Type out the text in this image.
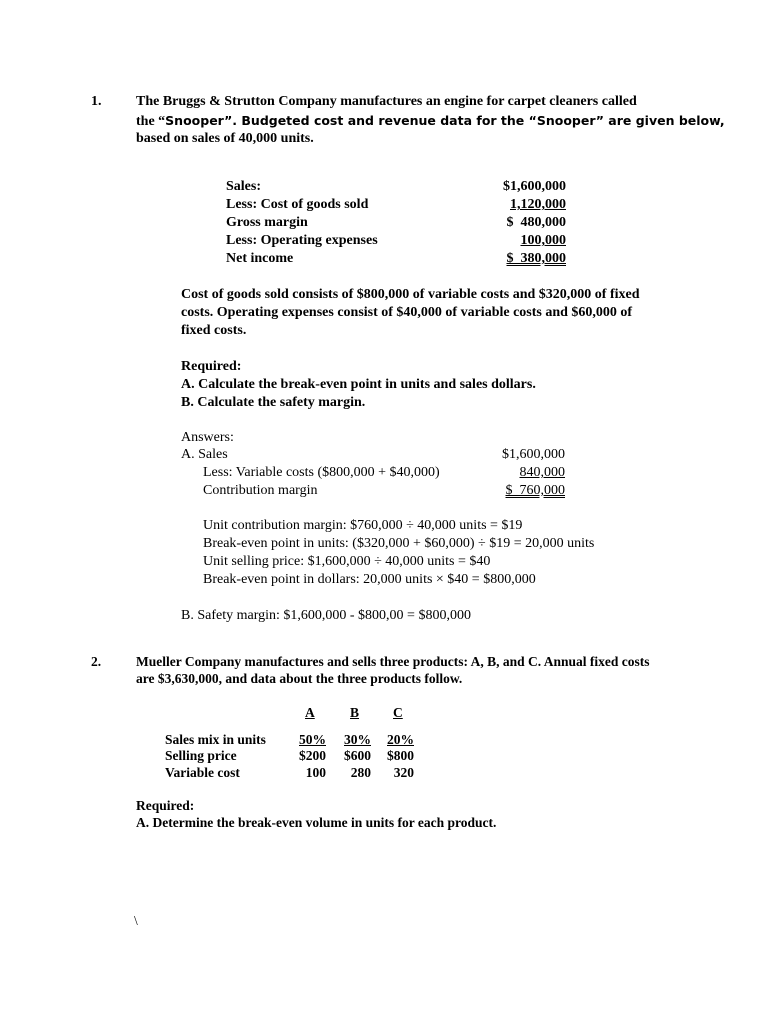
1. The Bruggs & Strutton Company manufactures an engine for carpet cleaners called
the “Snooper”. Budgeted cost and revenue data for the “Snooper” are given below,
based on sales of 40,000 units.
Sales:	$1,600,000
Less: Cost of goods sold	1,120,000
Gross margin	$  480,000
Less: Operating expenses	100,000
Net income	$  380,000
Cost of goods sold consists of $800,000 of variable costs and $320,000 of fixed
costs. Operating expenses consist of $40,000 of variable costs and $60,000 of
fixed costs.
Required:
A. Calculate the break-even point in units and sales dollars.
B. Calculate the safety margin.
Answers:
A. Sales	$1,600,000
Less: Variable costs ($800,000 + $40,000)	840,000
Contribution margin	$  760,000
Unit contribution margin: $760,000 ÷ 40,000 units = $19
Break-even point in units: ($320,000 + $60,000) ÷ $19 = 20,000 units
Unit selling price: $1,600,000 ÷ 40,000 units = $40
Break-even point in dollars: 20,000 units × $40 = $800,000
B. Safety margin: $1,600,000 - $800,00 = $800,000
2.	Mueller Company manufactures and sells three products: A, B, and C. Annual fixed costs
are $3,630,000, and data about the three products follow.
A	B	C
Sales mix in units 50%	30% 20%
Selling price	$200	$600 $800
Variable cost	100	280	320
Required:
A. Determine the break-even volume in units for each product.
\
